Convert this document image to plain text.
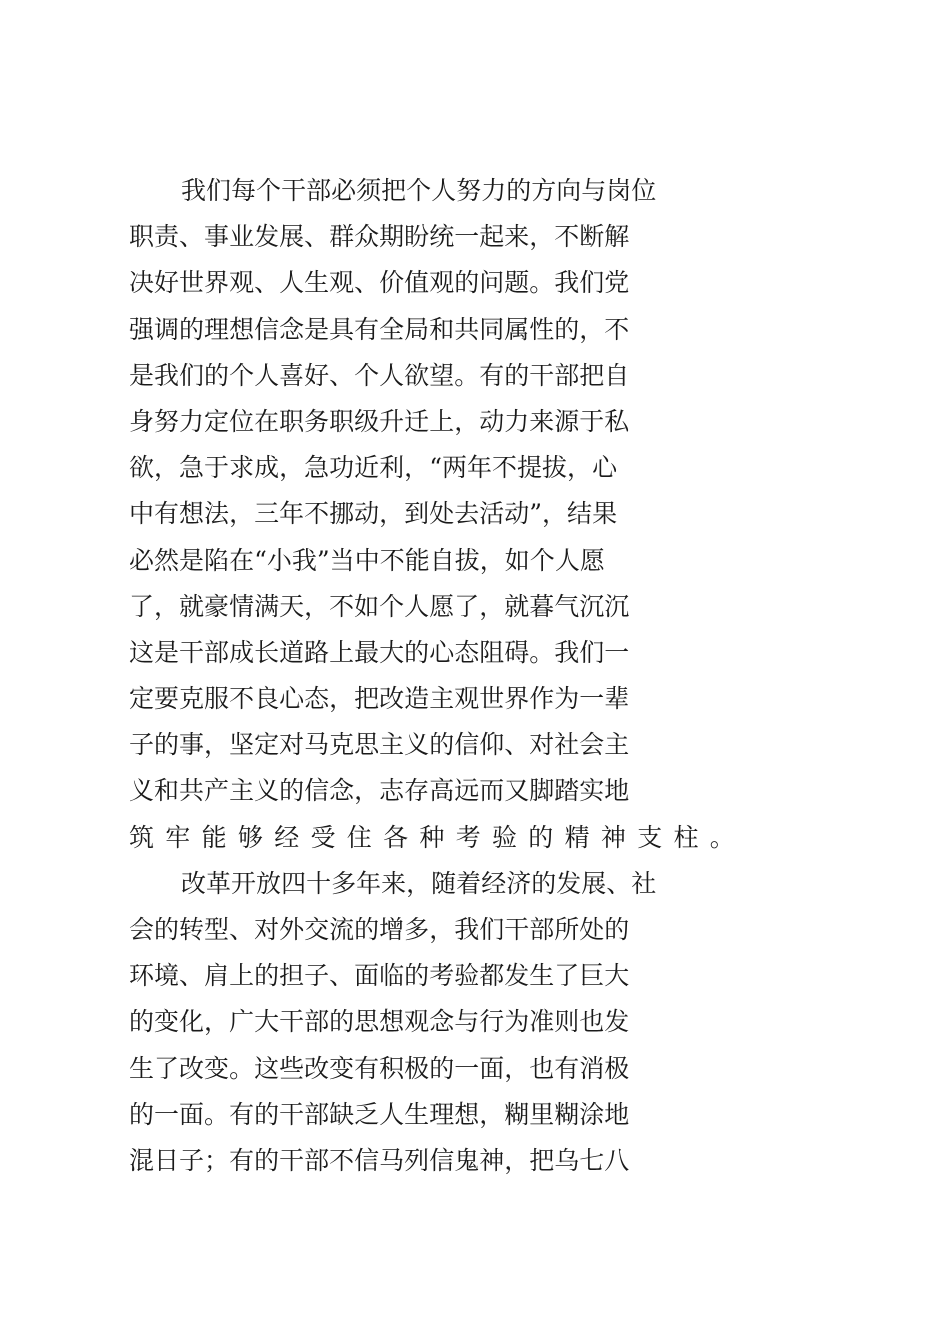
我们每个干部必须把个人努力的方向与岗位
职责、事业发展、群众期盼统一起来，不断解
决好世界观、人生观、价值观的问题。我们党
强调的理想信念是具有全局和共同属性的，不
是我们的个人喜好、个人欲望。有的干部把自
身努力定位在职务职级升迁上，动力来源于私
欲，急于求成，急功近利，“两年不提拔，心
中有想法，三年不挪动，到处去活动”，结果
必然是陷在“小我”当中不能自拔，如个人愿
了，就豪情满天，不如个人愿了，就暮气沉沉
这是干部成长道路上最大的心态阻碍。我们一
定要克服不良心态，把改造主观世界作为一辈
子的事，坚定对马克思主义的信仰、对社会主
义和共产主义的信念，志存高远而又脚踏实地
筑牢能够经受住各种考验的精神支柱。
改革开放四十多年来，随着经济的发展、社
会的转型、对外交流的增多，我们干部所处的
环境、肩上的担子、面临的考验都发生了巨大
的变化，广大干部的思想观念与行为准则也发
生了改变。这些改变有积极的一面，也有消极
的一面。有的干部缺乏人生理想，糊里糊涂地
混日子；有的干部不信马列信鬼神，把乌七八
